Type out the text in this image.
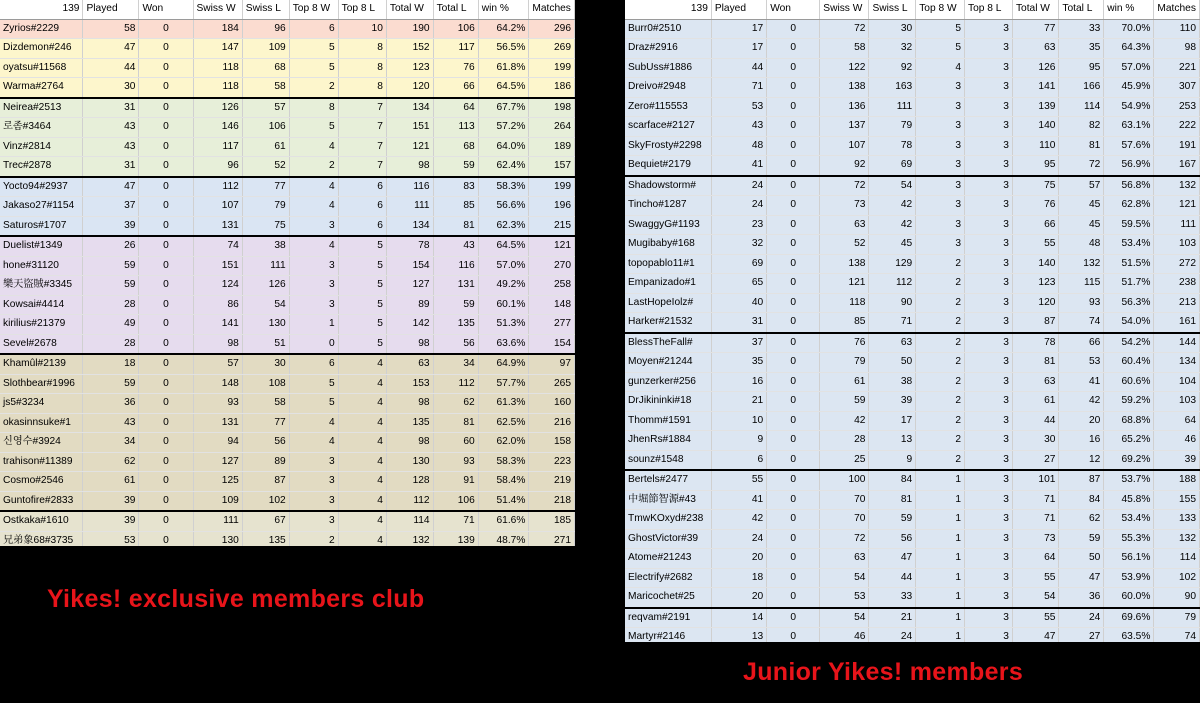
139	Played	Won	Swiss W	Swiss L	Top 8 W	Top 8 L	Total W	Total L	win %	Matches
Zyrios#2229	58	0	184	96	6	10	190	106	64.2%	296
Dizdemon#246	47	0	147	109	5	8	152	117	56.5%	269
oyatsu#11568	44	0	118	68	5	8	123	76	61.8%	199
Warma#2764	30	0	118	58	2	8	120	66	64.5%	186
Neirea#2513	31	0	126	57	8	7	134	64	67.7%	198
로좀#3464	43	0	146	106	5	7	151	113	57.2%	264
Vinz#2814	43	0	117	61	4	7	121	68	64.0%	189
Trec#2878	31	0	96	52	2	7	98	59	62.4%	157
Yocto94#2937	47	0	112	77	4	6	116	83	58.3%	199
Jakaso27#1154	37	0	107	79	4	6	111	85	56.6%	196
Saturos#1707	39	0	131	75	3	6	134	81	62.3%	215
Duelist#1349	26	0	74	38	4	5	78	43	64.5%	121
hone#31120	59	0	151	111	3	5	154	116	57.0%	270
樂天盜賊#3345	59	0	124	126	3	5	127	131	49.2%	258
Kowsai#4414	28	0	86	54	3	5	89	59	60.1%	148
kirilius#21379	49	0	141	130	1	5	142	135	51.3%	277
Sevel#2678	28	0	98	51	0	5	98	56	63.6%	154
Khamûl#2139	18	0	57	30	6	4	63	34	64.9%	97
Slothbear#1996	59	0	148	108	5	4	153	112	57.7%	265
js5#3234	36	0	93	58	5	4	98	62	61.3%	160
okasinnsuke#1	43	0	131	77	4	4	135	81	62.5%	216
신영수#3924	34	0	94	56	4	4	98	60	62.0%	158
trahison#11389	62	0	127	89	3	4	130	93	58.3%	223
Cosmo#2546	61	0	125	87	3	4	128	91	58.4%	219
Guntofire#2833	39	0	109	102	3	4	112	106	51.4%	218
Ostkaka#1610	39	0	111	67	3	4	114	71	61.6%	185
兄弟象68#3735	53	0	130	135	2	4	132	139	48.7%	271

139	Played	Won	Swiss W	Swiss L	Top 8 W	Top 8 L	Total W	Total L	win %	Matches
Burr0#2510	17	0	72	30	5	3	77	33	70.0%	110
Draz#2916	17	0	58	32	5	3	63	35	64.3%	98
SubUss#1886	44	0	122	92	4	3	126	95	57.0%	221
Dreivo#2948	71	0	138	163	3	3	141	166	45.9%	307
Zero#115553	53	0	136	111	3	3	139	114	54.9%	253
scarface#2127	43	0	137	79	3	3	140	82	63.1%	222
SkyFrosty#2298	48	0	107	78	3	3	110	81	57.6%	191
Bequiet#2179	41	0	92	69	3	3	95	72	56.9%	167
Shadowstorm#	24	0	72	54	3	3	75	57	56.8%	132
Tincho#1287	24	0	73	42	3	3	76	45	62.8%	121
SwaggyG#1193	23	0	63	42	3	3	66	45	59.5%	111
Mugibaby#168	32	0	52	45	3	3	55	48	53.4%	103
topopablo11#1	69	0	138	129	2	3	140	132	51.5%	272
Empanizado#1	65	0	121	112	2	3	123	115	51.7%	238
LastHopeIolz#	40	0	118	90	2	3	120	93	56.3%	213
Harker#21532	31	0	85	71	2	3	87	74	54.0%	161
BlessTheFall#	37	0	76	63	2	3	78	66	54.2%	144
Moyen#21244	35	0	79	50	2	3	81	53	60.4%	134
gunzerker#256	16	0	61	38	2	3	63	41	60.6%	104
DrJikininki#18	21	0	59	39	2	3	61	42	59.2%	103
Thomm#1591	10	0	42	17	2	3	44	20	68.8%	64
JhenRs#1884	9	0	28	13	2	3	30	16	65.2%	46
sounz#1548	6	0	25	9	2	3	27	12	69.2%	39
Bertels#2477	55	0	100	84	1	3	101	87	53.7%	188
中堀節智源#43	41	0	70	81	1	3	71	84	45.8%	155
TmwKOxyd#238	42	0	70	59	1	3	71	62	53.4%	133
GhostVictor#39	24	0	72	56	1	3	73	59	55.3%	132
Atome#21243	20	0	63	47	1	3	64	50	56.1%	114
Electrify#2682	18	0	54	44	1	3	55	47	53.9%	102
Maricochet#25	20	0	53	33	1	3	54	36	60.0%	90
reqvam#2191	14	0	54	21	1	3	55	24	69.6%	79
Martyr#2146	13	0	46	24	1	3	47	27	63.5%	74

Yikes! exclusive members club
Junior Yikes! members
